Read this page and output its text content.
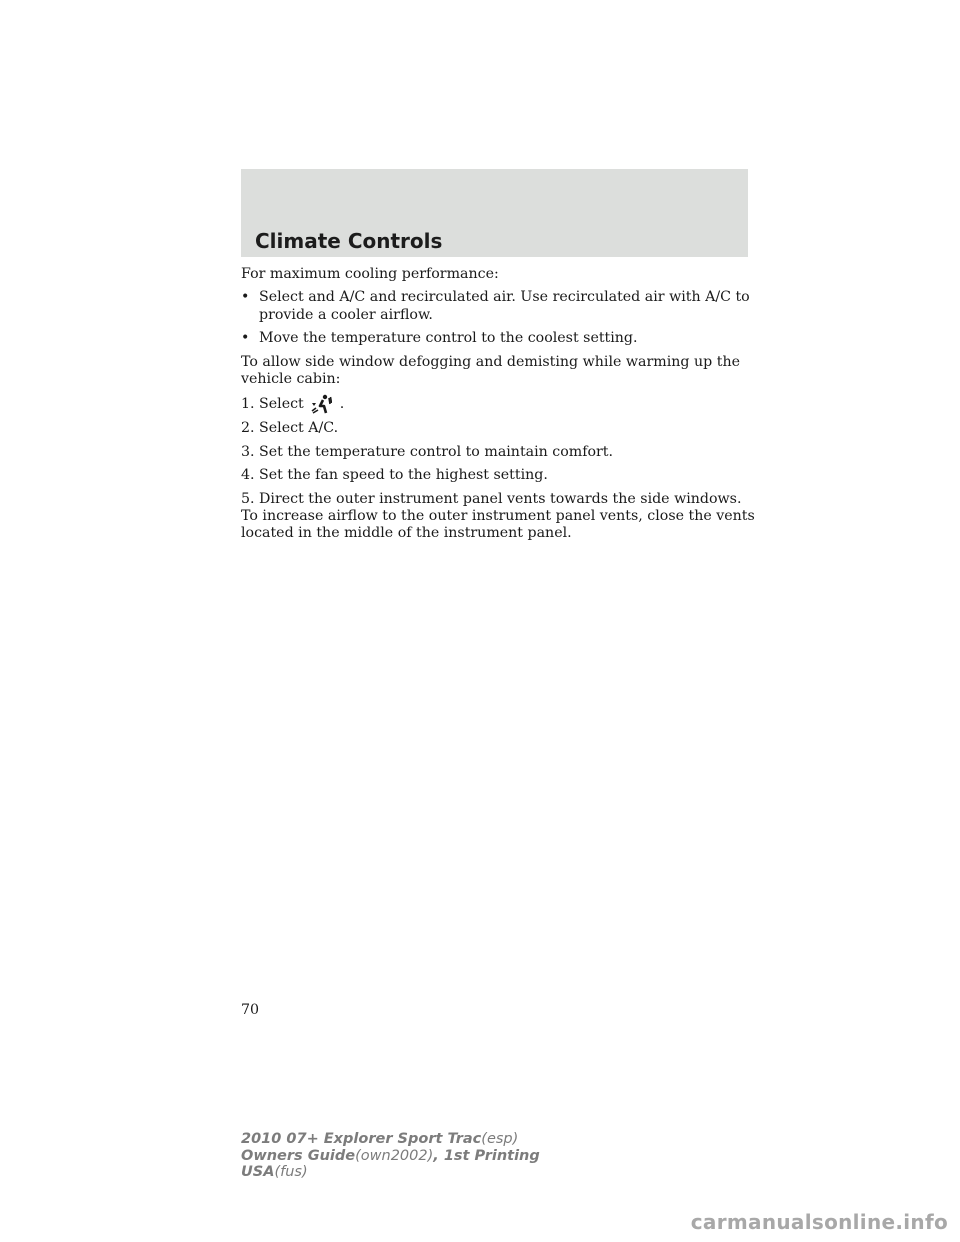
Climate Controls

For maximum cooling performance:

• Select and A/C and recirculated air. Use recirculated air with A/C to provide a cooler airflow.
• Move the temperature control to the coolest setting.

To allow side window defogging and demisting while warming up the vehicle cabin:

1. Select	.

2. Select A/C.

3. Set the temperature control to maintain comfort.

4. Set the fan speed to the highest setting.

5. Direct the outer instrument panel vents towards the side windows. To increase airflow to the outer instrument panel vents, close the vents located in the middle of the instrument panel.

70
2010 07+ Explorer Sport Trac(esp)
Owners Guide(own2002), 1st Printing
USA(fus)
carmanualsonline.info
